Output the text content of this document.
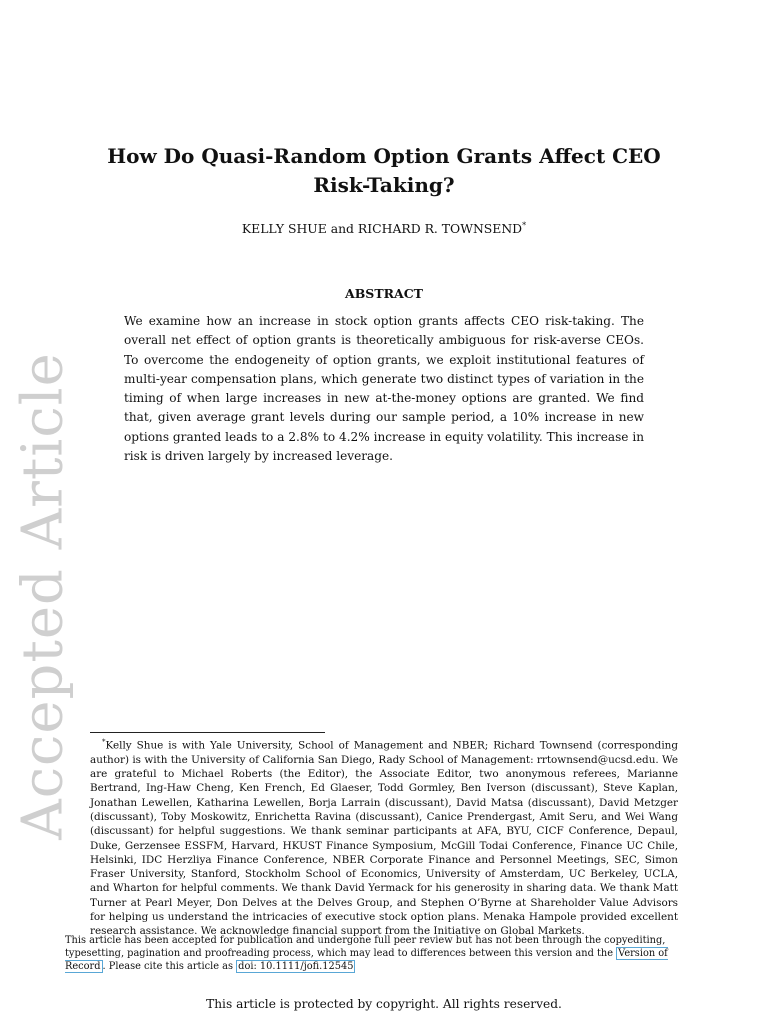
Accepted Article
How Do Quasi-Random Option Grants Affect CEO
Risk-Taking?
KELLY SHUE and RICHARD R. TOWNSEND*
ABSTRACT

We examine how an increase in stock option grants affects CEO risk-taking. The overall net effect of option grants is theoretically ambiguous for risk-averse CEOs. To overcome the endogeneity of option grants, we exploit institutional features of multi-year compensation plans, which generate two distinct types of variation in the timing of when large increases in new at-the-money options are granted. We find that, given average grant levels during our sample period, a 10% increase in new options granted leads to a 2.8% to 4.2% increase in equity volatility. This increase in risk is driven largely by increased leverage.

*Kelly Shue is with Yale University, School of Management and NBER; Richard Townsend (corresponding author) is with the University of California San Diego, Rady School of Management: rrtownsend@ucsd.edu. We are grateful to Michael Roberts (the Editor), the Associate Editor, two anonymous referees, Marianne Bertrand, Ing-Haw Cheng, Ken French, Ed Glaeser, Todd Gormley, Ben Iverson (discussant), Steve Kaplan, Jonathan Lewellen, Katharina Lewellen, Borja Larrain (discussant), David Matsa (discussant), David Metzger (discussant), Toby Moskowitz, Enrichetta Ravina (discussant), Canice Prendergast, Amit Seru, and Wei Wang (discussant) for helpful suggestions. We thank seminar participants at AFA, BYU, CICF Conference, Depaul, Duke, Gerzensee ESSFM, Harvard, HKUST Finance Symposium, McGill Todai Conference, Finance UC Chile, Helsinki, IDC Herzliya Finance Conference, NBER Corporate Finance and Personnel Meetings, SEC, Simon Fraser University, Stanford, Stockholm School of Economics, University of Amsterdam, UC Berkeley, UCLA, and Wharton for helpful comments. We thank David Yermack for his generosity in sharing data. We thank Matt Turner at Pearl Meyer, Don Delves at the Delves Group, and Stephen O’Byrne at Shareholder Value Advisors for helping us understand the intricacies of executive stock option plans. Menaka Hampole provided excellent research assistance. We acknowledge financial support from the Initiative on Global Markets.

This article has been accepted for publication and undergone full peer review but has not been through the copyediting, typesetting, pagination and proofreading process, which may lead to differences between this version and the Version of Record . Please cite this article as doi: 10.1111/jofi.12545

This article is protected by copyright. All rights reserved.
